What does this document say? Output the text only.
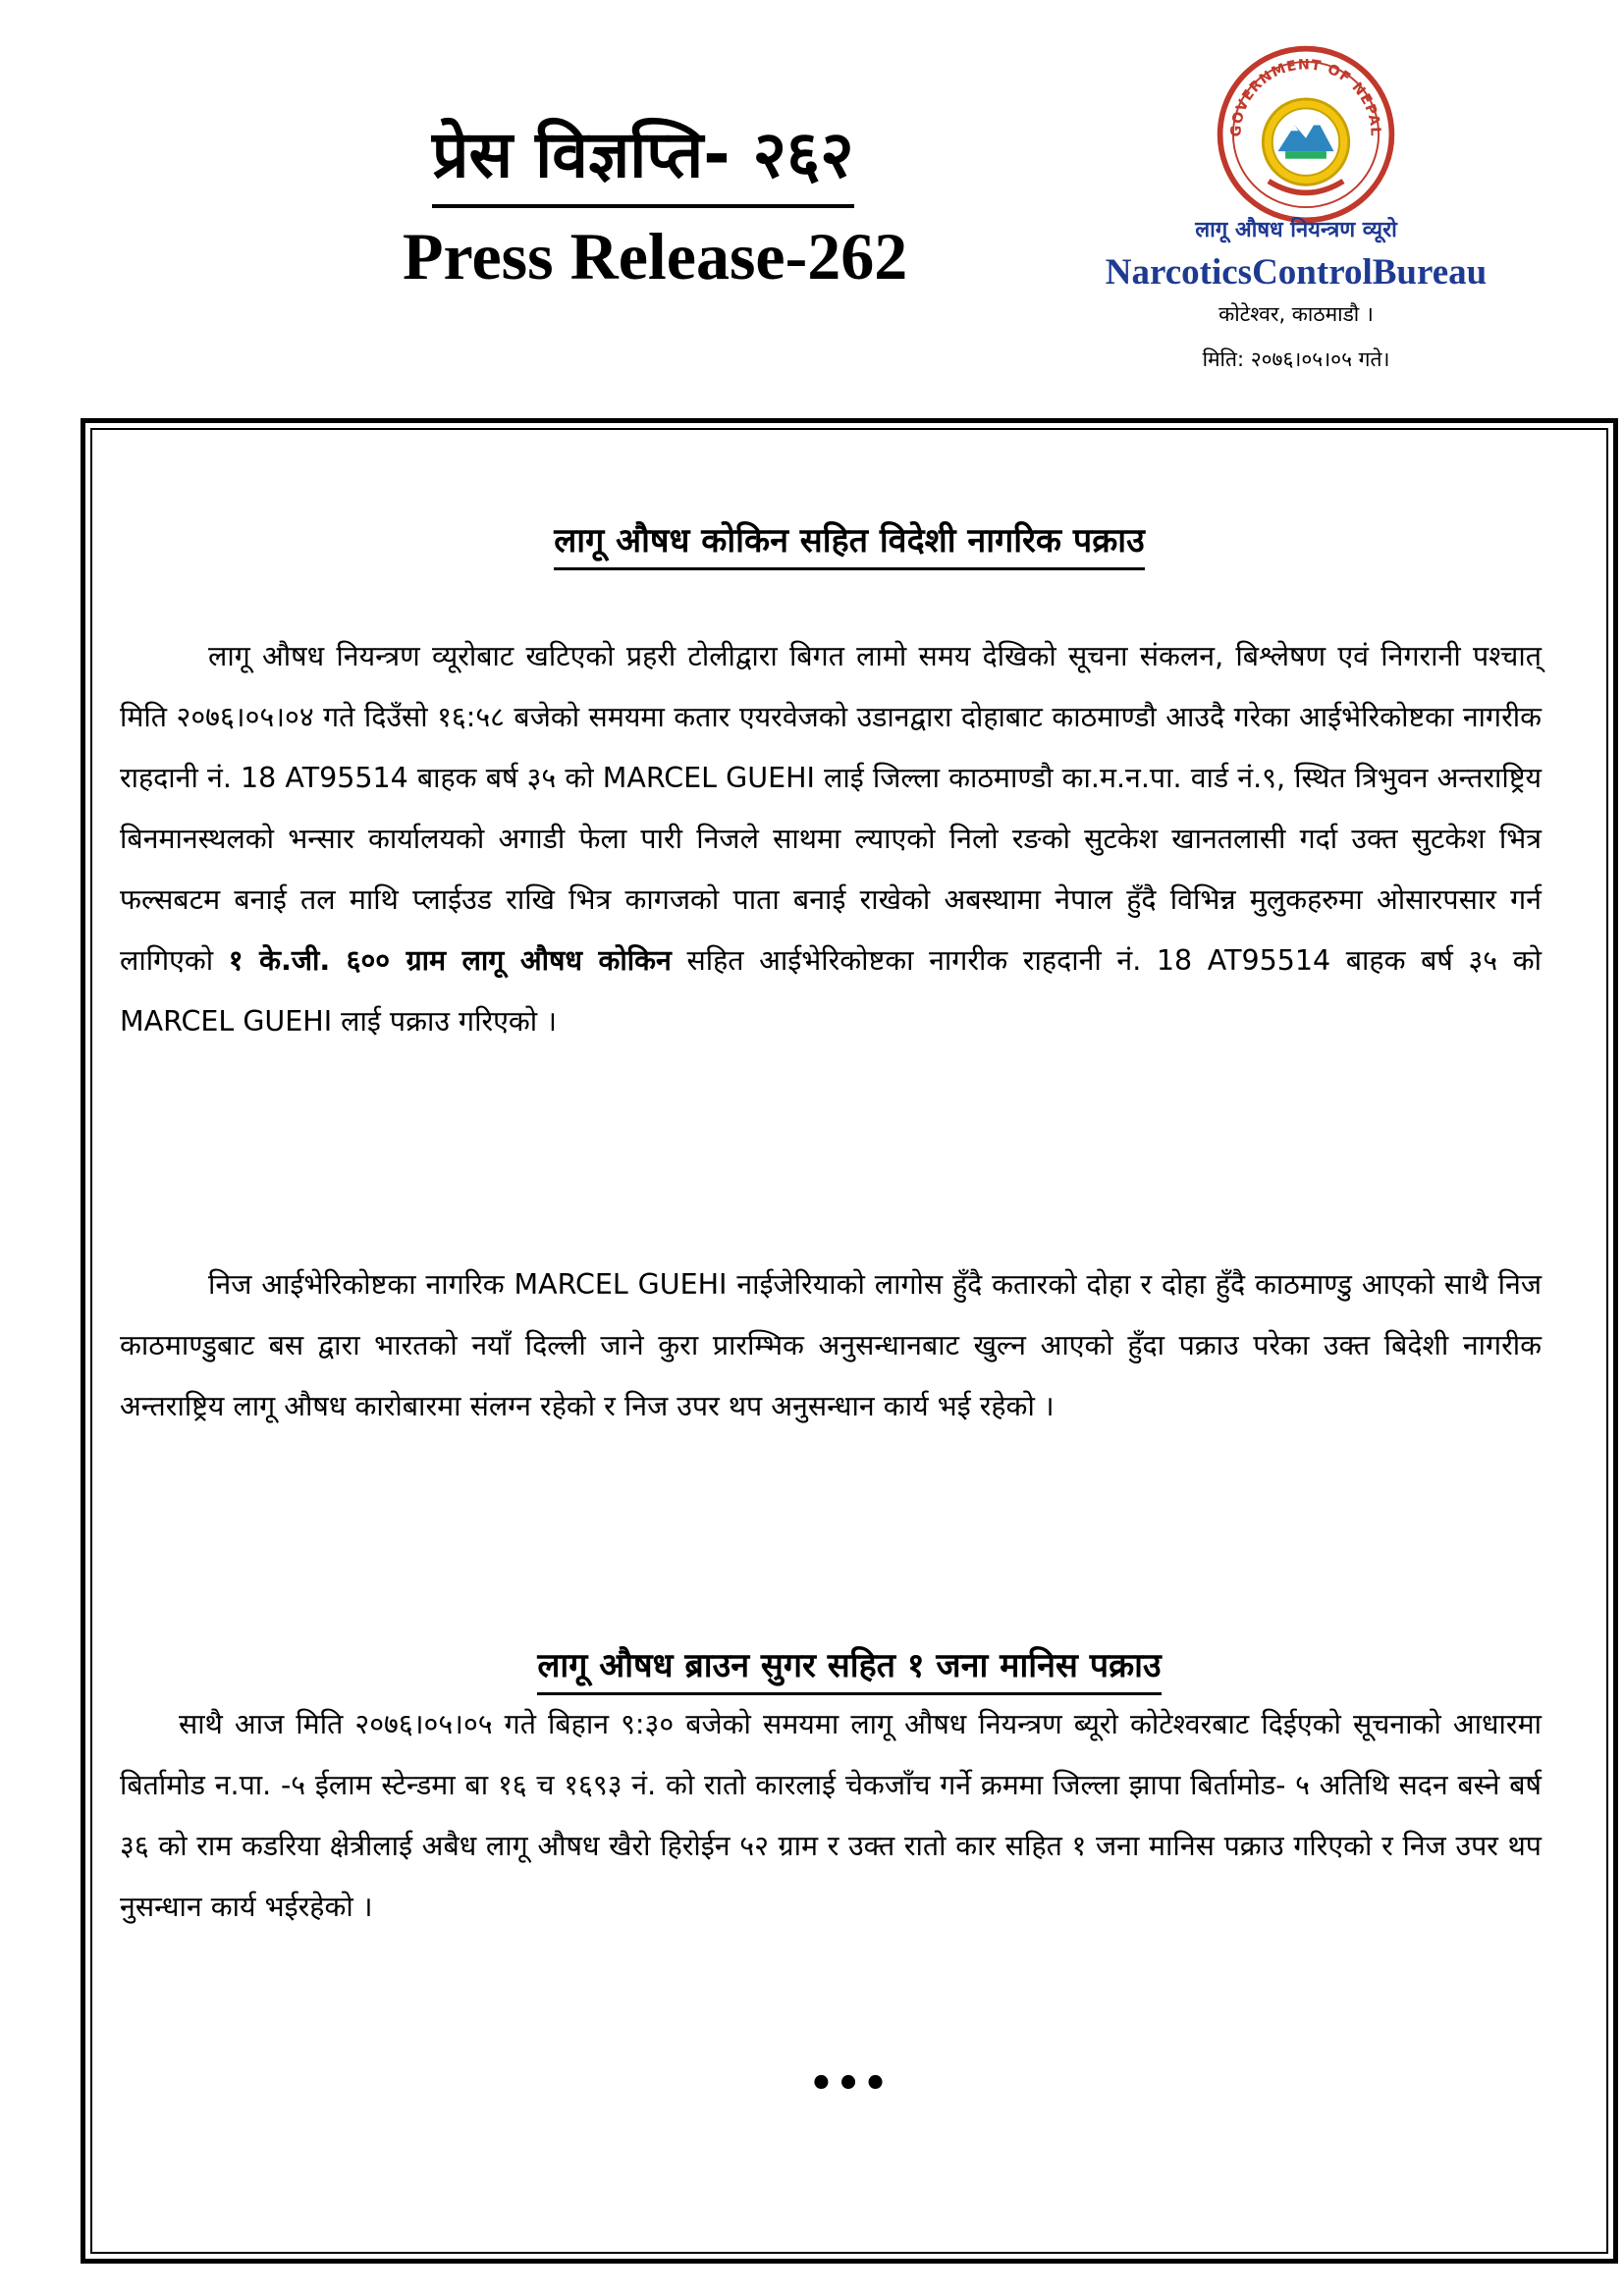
प्रेस विज्ञप्ति- २६२
Press Release-262
GOVERNMENT OF NEPAL
लागू औषध नियन्त्रण व्यूरो
NarcoticsControlBureau
कोटेश्वर, काठमाडौ ।
मिति: २०७६।०५।०५ गते।
लागू औषध कोकिन सहित विदेशी नागरिक पक्राउ

लागू औषध नियन्त्रण व्यूरोबाट खटिएको प्रहरी टोलीद्वारा बिगत लामो समय देखिको सूचना संकलन, बिश्लेषण एवं निगरानी पश्चात् मिति २०७६।०५।०४ गते दिउँसो १६:५८ बजेको समयमा कतार एयरवेजको उडानद्वारा दोहाबाट काठमाण्डौ आउदै गरेका आईभेरिकोष्टका नागरीक राहदानी नं. 18 AT95514 बाहक बर्ष ३५ को MARCEL GUEHI लाई जिल्ला काठमाण्डौ का.म.न.पा. वार्ड नं.९, स्थित त्रिभुवन अन्तराष्ट्रिय बिनमानस्थलको भन्सार कार्यालयको अगाडी फेला पारी निजले साथमा ल्याएको निलो रङको सुटकेश खानतलासी गर्दा उक्त सुटकेश भित्र फल्सबटम बनाई तल माथि प्लाईउड राखि भित्र कागजको पाता बनाई राखेको अबस्थामा नेपाल हुँदै विभिन्न मुलुकहरुमा ओसारपसार गर्न लागिएको १ के.जी. ६०० ग्राम लागू औषध कोकिन सहित आईभेरिकोष्टका नागरीक राहदानी नं. 18 AT95514 बाहक बर्ष ३५ को MARCEL GUEHI लाई पक्राउ गरिएको ।

निज आईभेरिकोष्टका नागरिक MARCEL GUEHI नाईजेरियाको लागोस हुँदै कतारको दोहा र दोहा हुँदै काठमाण्डु आएको साथै निज काठमाण्डुबाट बस द्वारा भारतको नयाँ दिल्ली जाने कुरा प्रारम्भिक अनुसन्धानबाट खुल्न आएको हुँदा पक्राउ परेका उक्त बिदेशी नागरीक अन्तराष्ट्रिय लागू औषध कारोबारमा संलग्न रहेको र निज उपर थप अनुसन्धान कार्य भई रहेको ।

लागू औषध ब्राउन सुगर सहित १ जना मानिस पक्राउ

साथै आज मिति २०७६।०५।०५ गते बिहान ९:३० बजेको समयमा लागू औषध नियन्त्रण ब्यूरो कोटेश्वरबाट दिईएको सूचनाको आधारमा बिर्तामोड न.पा. -५ ईलाम स्टेन्डमा बा १६ च १६९३ नं. को रातो कारलाई चेकजाँच गर्ने क्रममा जिल्ला झापा बिर्तामोड- ५ अतिथि सदन बस्ने बर्ष ३६ को राम कडरिया क्षेत्रीलाई अबैध लागू औषध खैरो हिरोईन ५२ ग्राम र उक्त रातो कार सहित १ जना मानिस पक्राउ गरिएको र निज उपर थप नुसन्धान कार्य भईरहेको ।

•••
